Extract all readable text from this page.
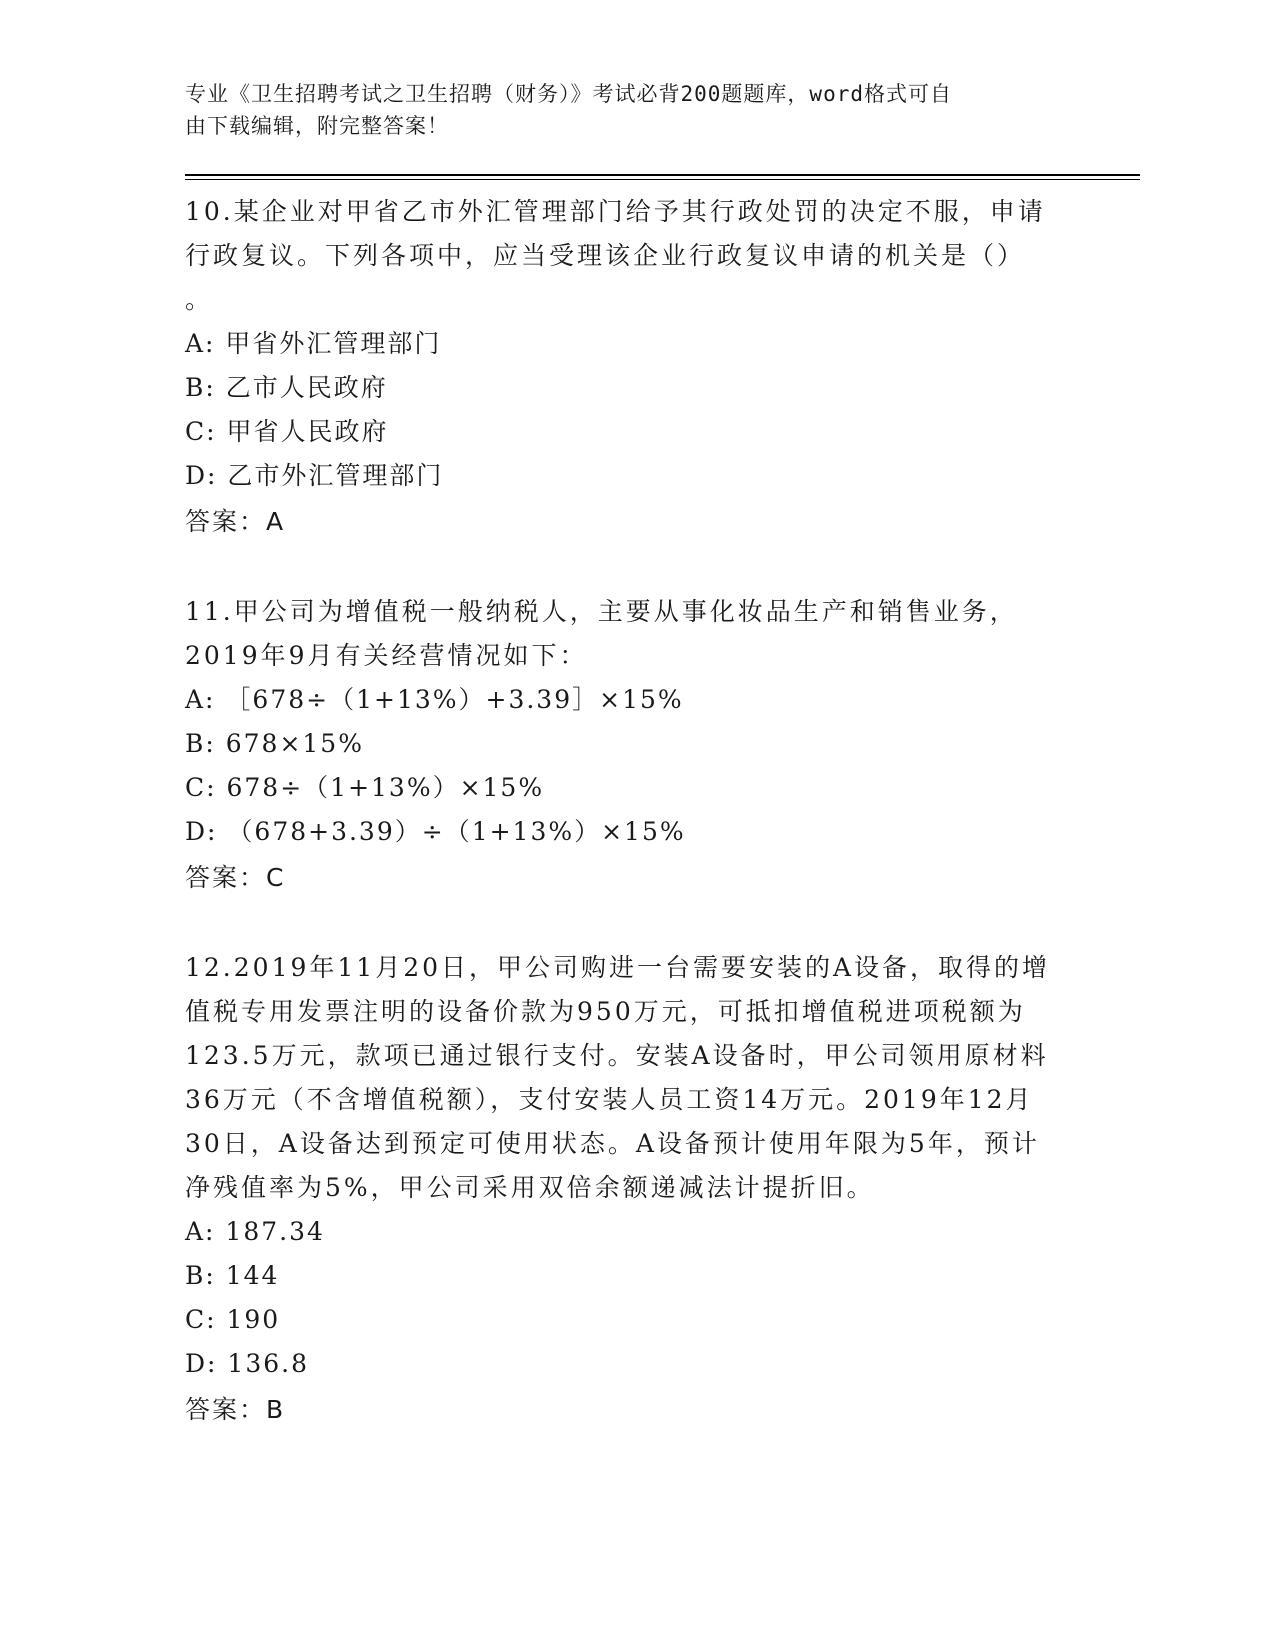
专业《卫生招聘考试之卫生招聘（财务）》考试必背200题题库，word格式可自
由下载编辑，附完整答案！
10.某企业对甲省乙市外汇管理部门给予其行政处罚的决定不服，申请
行政复议。下列各项中，应当受理该企业行政复议申请的机关是（）
。
A: 甲省外汇管理部门
B: 乙市人民政府
C: 甲省人民政府
D: 乙市外汇管理部门
答案：A
11.甲公司为增值税一般纳税人，主要从事化妆品生产和销售业务，
2019年9月有关经营情况如下：
A: ［678÷（1+13%）+3.39］×15%
B: 678×15%
C: 678÷（1+13%）×15%
D: （678+3.39）÷（1+13%）×15%
答案：C
12.2019年11月20日，甲公司购进一台需要安装的A设备，取得的增
值税专用发票注明的设备价款为950万元，可抵扣增值税进项税额为
123.5万元，款项已通过银行支付。安装A设备时，甲公司领用原材料
36万元（不含增值税额），支付安装人员工资14万元。2019年12月
30日，A设备达到预定可使用状态。A设备预计使用年限为5年，预计
净残值率为5%，甲公司采用双倍余额递减法计提折旧。
A: 187.34
B: 144
C: 190
D: 136.8
答案：B
